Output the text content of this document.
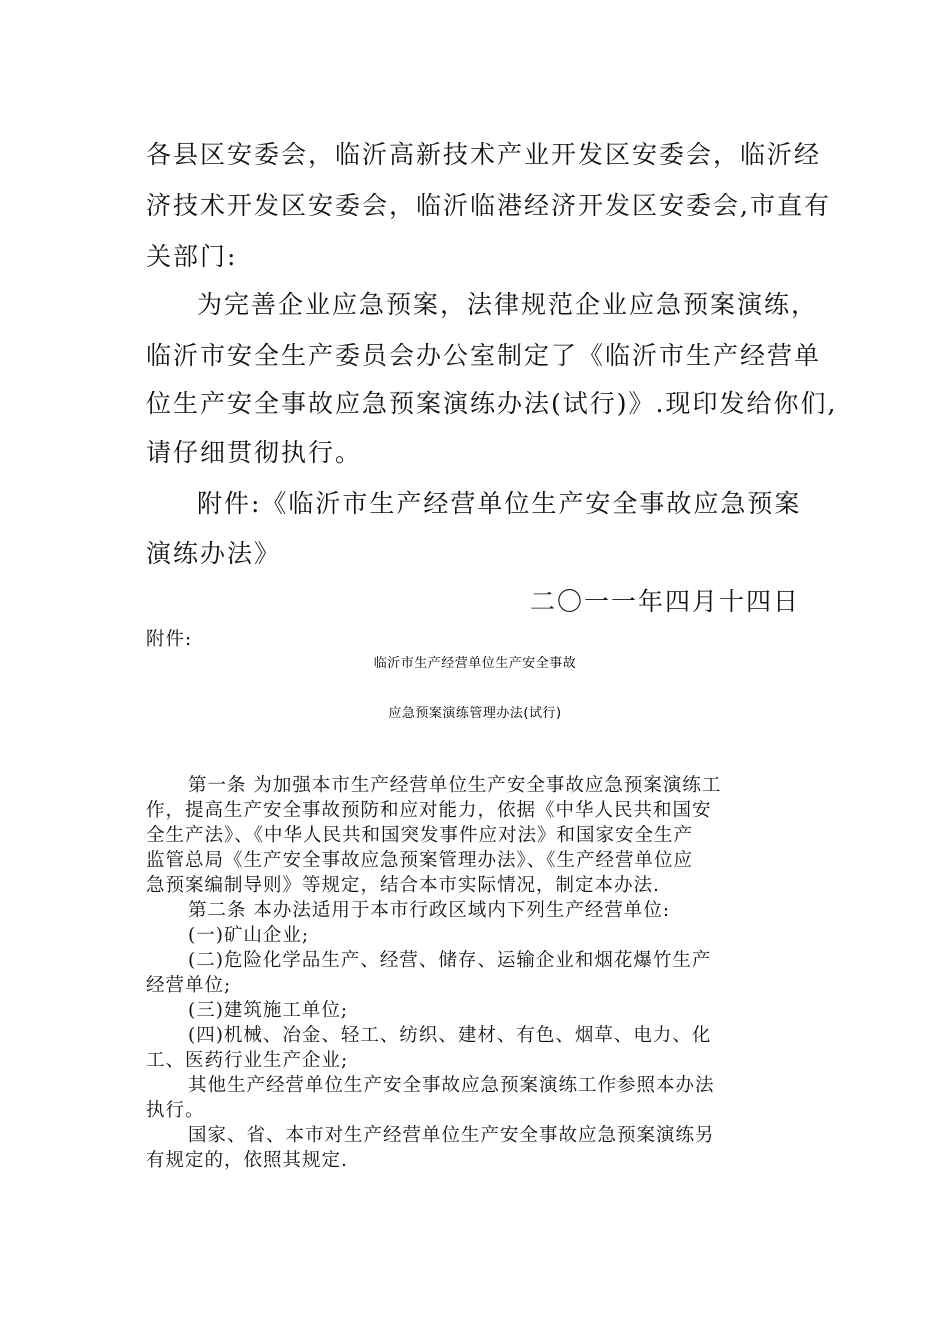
各县区安委会，临沂高新技术产业开发区安委会，临沂经
济技术开发区安委会，临沂临港经济开发区安委会,市直有
关部门:
为完善企业应急预案，法律规范企业应急预案演练，
临沂市安全生产委员会办公室制定了《临沂市生产经营单
位生产安全事故应急预案演练办法(试行)》.现印发给你们,
请仔细贯彻执行。
附件:《临沂市生产经营单位生产安全事故应急预案
演练办法》
二〇一一年四月十四日
附件:
临沂市生产经营单位生产安全事故
应急预案演练管理办法(试行)
第一条 为加强本市生产经营单位生产安全事故应急预案演练工
作，提高生产安全事故预防和应对能力，依据《中华人民共和国安
全生产法》、《中华人民共和国突发事件应对法》和国家安全生产
监管总局《生产安全事故应急预案管理办法》、《生产经营单位应
急预案编制导则》等规定，结合本市实际情况，制定本办法.
第二条 本办法适用于本市行政区域内下列生产经营单位:
(一)矿山企业;
(二)危险化学品生产、经营、储存、运输企业和烟花爆竹生产
经营单位;
(三)建筑施工单位;
(四)机械、冶金、轻工、纺织、建材、有色、烟草、电力、化
工、医药行业生产企业;
其他生产经营单位生产安全事故应急预案演练工作参照本办法
执行。
国家、省、本市对生产经营单位生产安全事故应急预案演练另
有规定的，依照其规定.
